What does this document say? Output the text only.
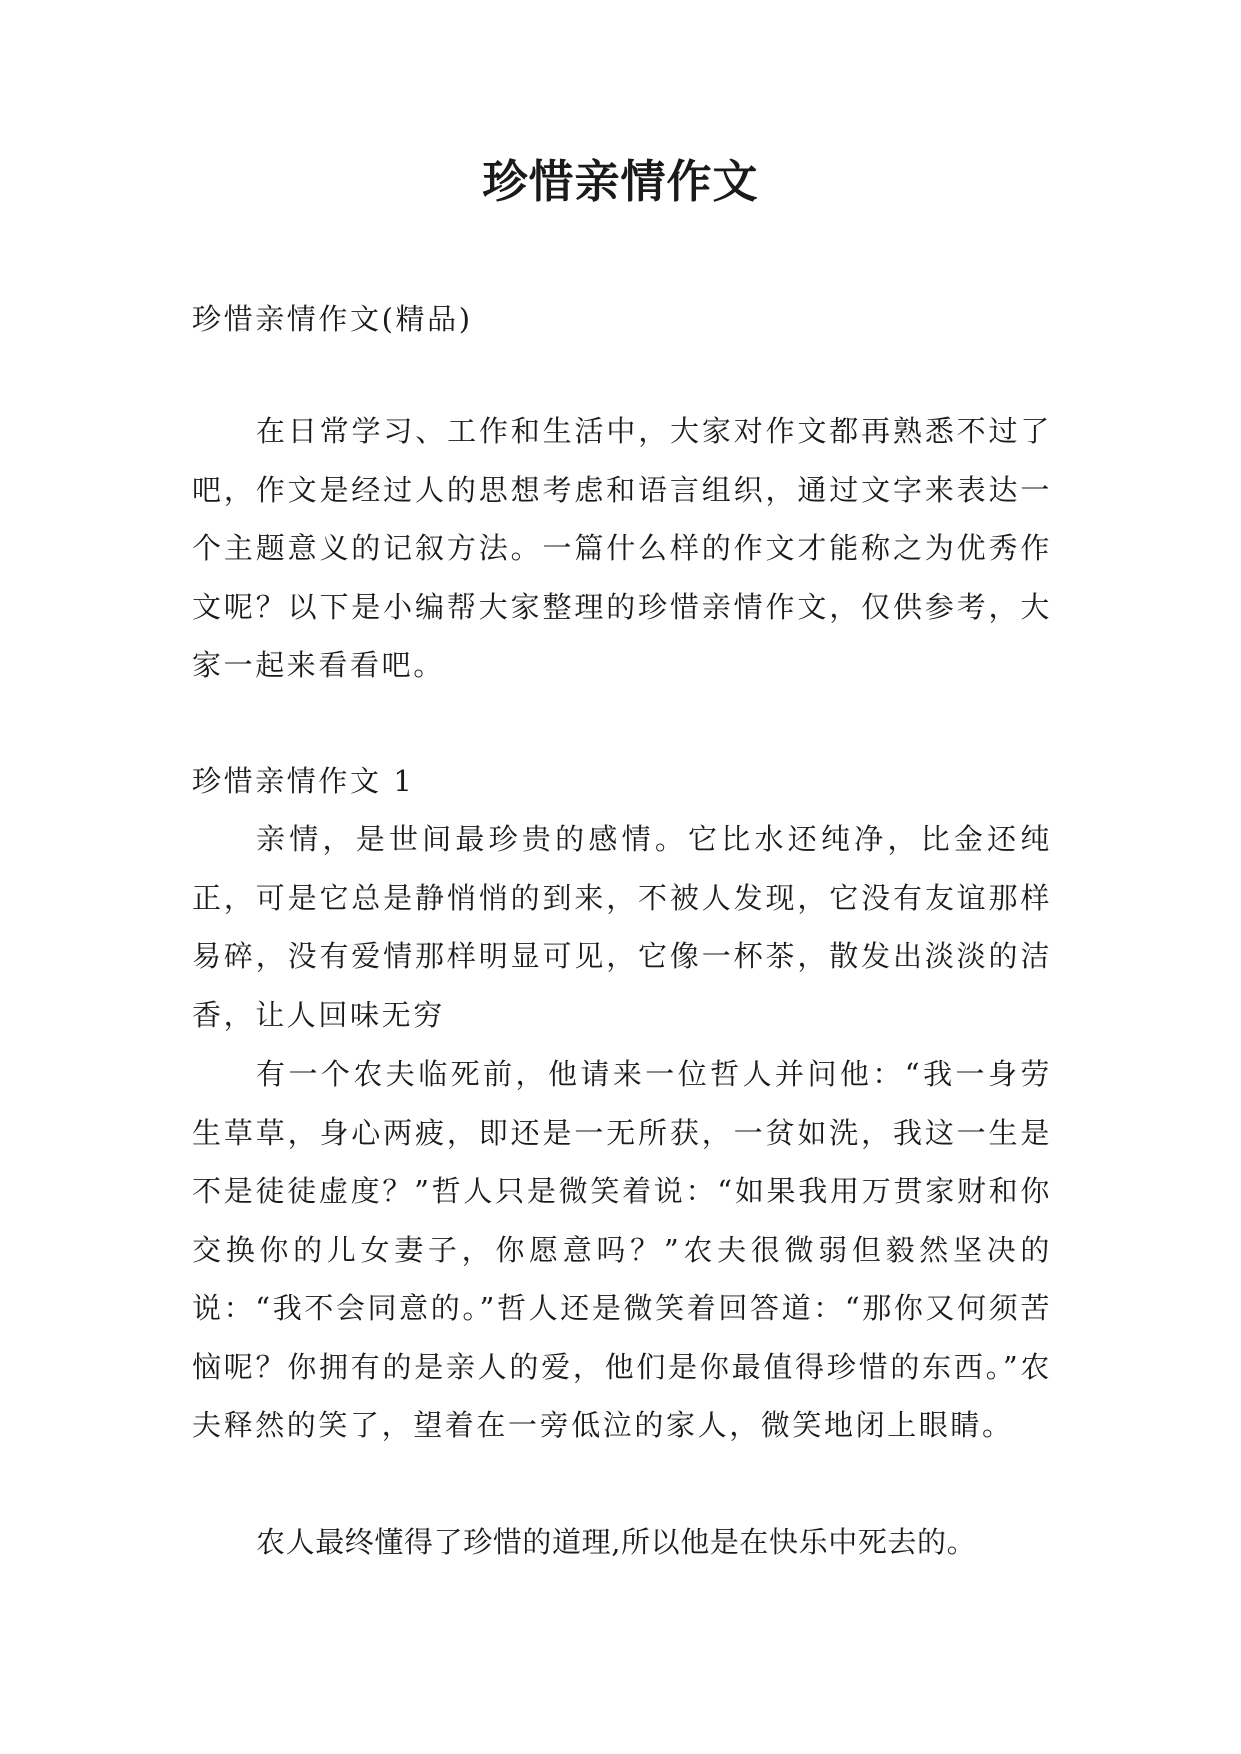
珍惜亲情作文

珍惜亲情作文(精品)

在日常学习、工作和生活中，大家对作文都再熟悉不过了吧，作文是经过人的思想考虑和语言组织，通过文字来表达一个主题意义的记叙方法。一篇什么样的作文才能称之为优秀作文呢？以下是小编帮大家整理的珍惜亲情作文，仅供参考，大家一起来看看吧。

珍惜亲情作文 1

亲情，是世间最珍贵的感情。它比水还纯净，比金还纯正，可是它总是静悄悄的到来，不被人发现，它没有友谊那样易碎，没有爱情那样明显可见，它像一杯茶，散发出淡淡的洁香，让人回味无穷

有一个农夫临死前，他请来一位哲人并问他：“我一身劳生草草，身心两疲，即还是一无所获，一贫如洗，我这一生是不是徒徒虚度？”哲人只是微笑着说：“如果我用万贯家财和你交换你的儿女妻子，你愿意吗？”农夫很微弱但毅然坚决的说：“我不会同意的。”哲人还是微笑着回答道：“那你又何须苦恼呢？你拥有的是亲人的爱，他们是你最值得珍惜的东西。”农夫释然的笑了，望着在一旁低泣的家人，微笑地闭上眼睛。

农人最终懂得了珍惜的道理,所以他是在快乐中死去的。
